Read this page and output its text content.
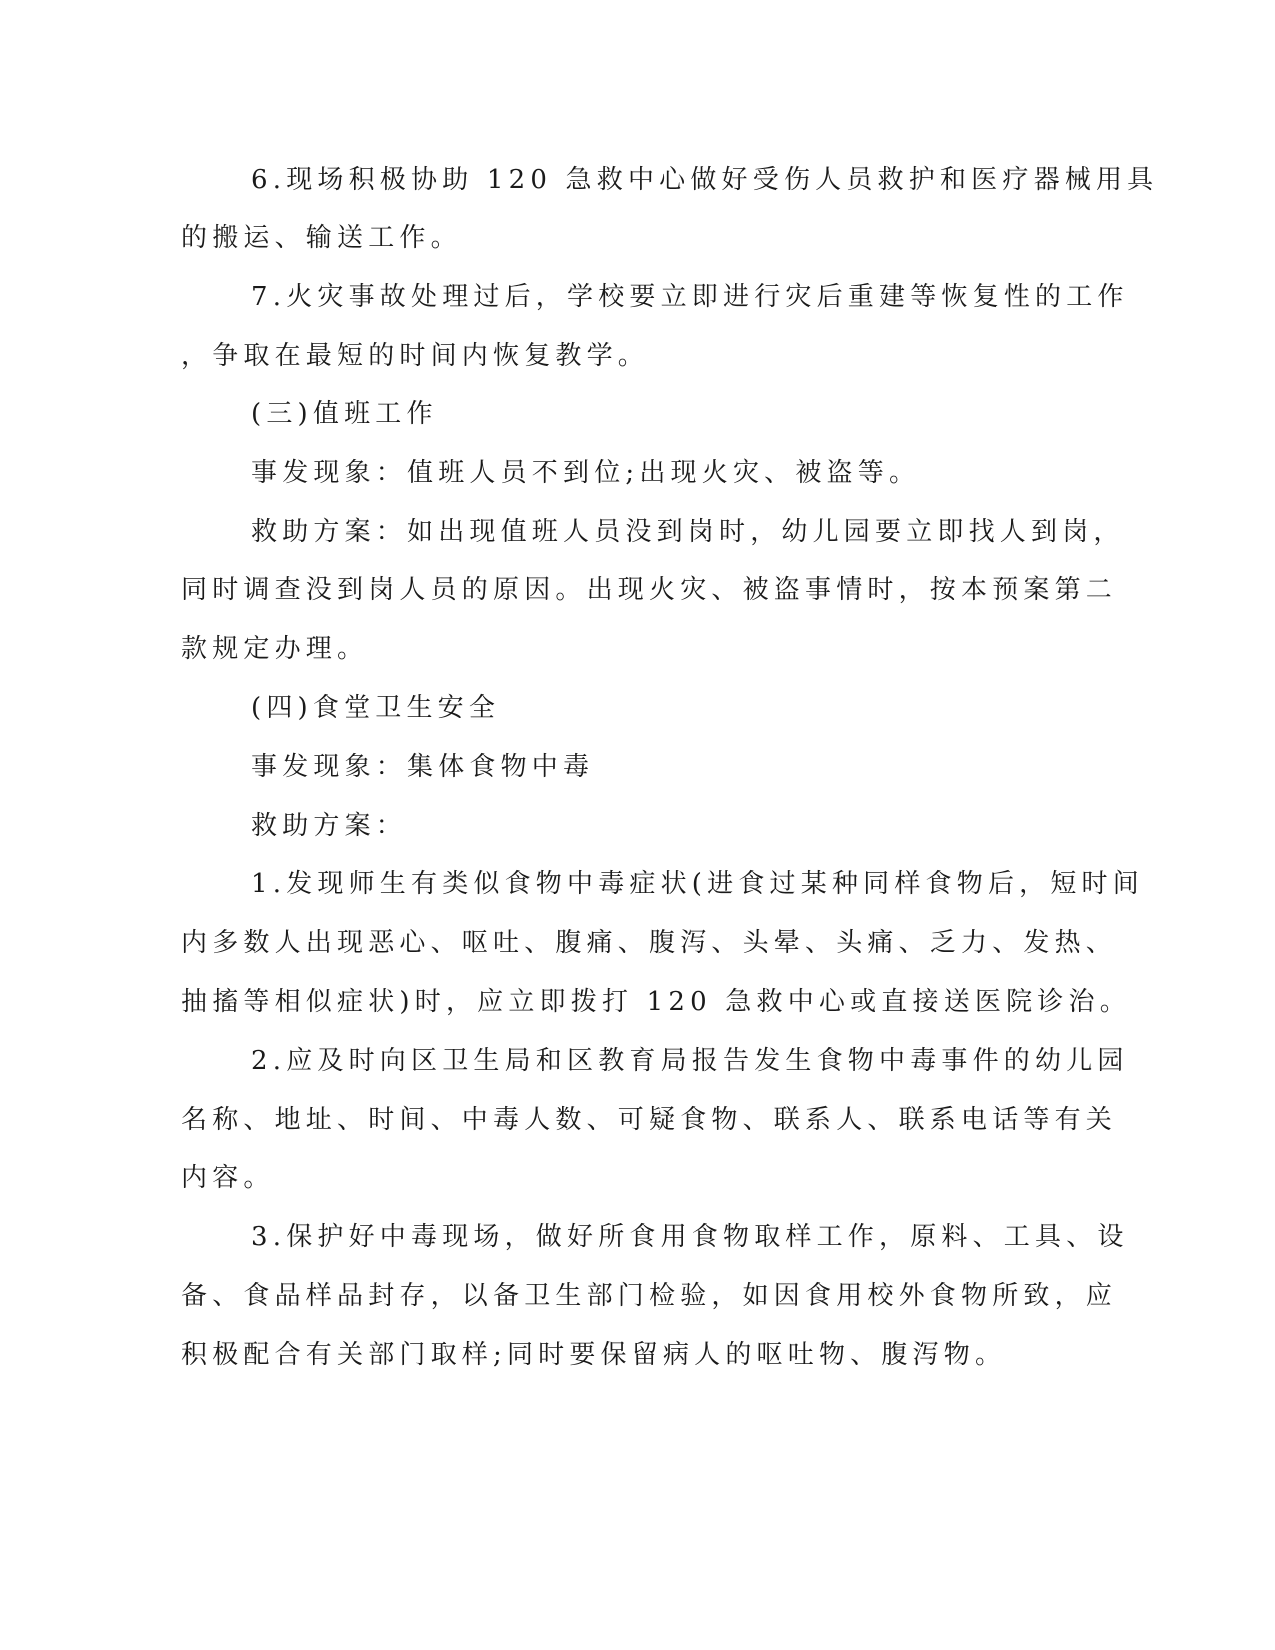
6.现场积极协助 120 急救中心做好受伤人员救护和医疗器械用具
的搬运、输送工作。
7.火灾事故处理过后，学校要立即进行灾后重建等恢复性的工作
，争取在最短的时间内恢复教学。
(三)值班工作
事发现象：值班人员不到位;出现火灾、被盗等。
救助方案：如出现值班人员没到岗时，幼儿园要立即找人到岗，
同时调查没到岗人员的原因。出现火灾、被盗事情时，按本预案第二
款规定办理。
(四)食堂卫生安全
事发现象：集体食物中毒
救助方案：
1.发现师生有类似食物中毒症状(进食过某种同样食物后，短时间
内多数人出现恶心、呕吐、腹痛、腹泻、头晕、头痛、乏力、发热、
抽搐等相似症状)时，应立即拨打 120 急救中心或直接送医院诊治。
2.应及时向区卫生局和区教育局报告发生食物中毒事件的幼儿园
名称、地址、时间、中毒人数、可疑食物、联系人、联系电话等有关
内容。
3.保护好中毒现场，做好所食用食物取样工作，原料、工具、设
备、食品样品封存，以备卫生部门检验，如因食用校外食物所致，应
积极配合有关部门取样;同时要保留病人的呕吐物、腹泻物。
